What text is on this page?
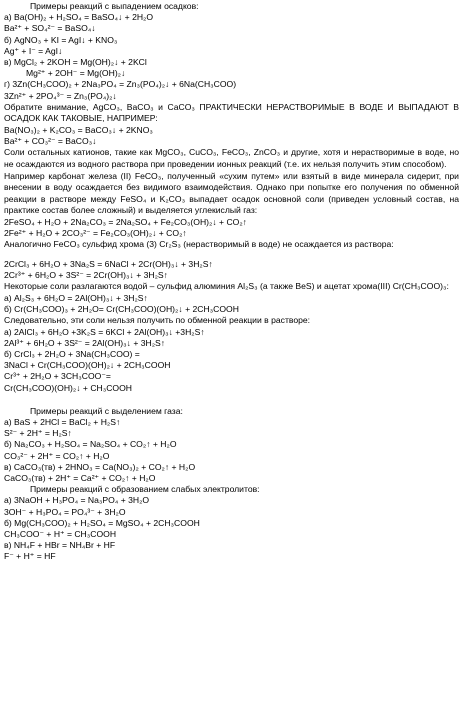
Примеры реакций с выпадением осадков:
а) Ba(OH)₂ + H₂SO₄ = BaSO₄↓ + 2H₂O
Ba²⁺ + SO₄²⁻ = BaSO₄↓
б) AgNO₃ + KI = AgI↓ + KNO₃
Ag⁺ + I⁻ = AgI↓
в) MgCl₂ + 2KOH = Mg(OH)₂↓ + 2KCl
Mg²⁺ + 2OH⁻ = Mg(OH)₂↓
г) 3Zn(CH₃COO)₂ + 2Na₃PO₄ = Zn₃(PO₄)₂↓ + 6Na(CH₃COO)
3Zn²⁺ + 2PO₄³⁻ = Zn₃(PO₄)₂↓
Обратите внимание, AgCO₃, BaCO₃ и CaCO₃ ПРАКТИЧЕСКИ НЕРАСТВОРИМЫЕ В ВОДЕ И ВЫПАДАЮТ В ОСАДОК КАК ТАКОВЫЕ, НАПРИМЕР:
Ba(NO₃)₂ + K₂CO₃ = BaCO₃↓ + 2KNO₃
Ba²⁺ + CO₃²⁻ = BaCO₃↓
Соли остальных катионов, такие как MgCO₃, CuCO₃, FeCO₃, ZnCO₃ и другие, хотя и нерастворимые в воде, но не осаждаются из водного раствора при проведении ионных реакций (т.е. их нельзя получить этим способом).
Например карбонат железа (II) FeCO₃, полученный «сухим путем» или взятый в виде минерала сидерит, при внесении в воду осаждается без видимого взаимодействия. Однако при попытке его получения по обменной реакции в растворе между FeSO₄ и K₂CO₃ выпадает осадок основной соли (приведен условный состав, на практике состав более сложный) и выделяется углекислый газ:
2FeSO₄ + H₂O + 2Na₂CO₃ = 2Na₂SO₄ + Fe₂CO₃(OH)₂↓ + CO₂↑
2Fe²⁺ + H₂O + 2CO₃²⁻ = Fe₂CO₃(OH)₂↓ + CO₂↑
Аналогично FeCO₃ сульфид хрома (3) Cr₂S₃ (нерастворимый в воде) не осаждается из раствора:
2CrCl₃ + 6H₂O + 3Na₂S = 6NaCl + 2Cr(OH)₃↓ + 3H₂S↑
2Cr³⁺ + 6H₂O + 3S²⁻ = 2Cr(OH)₃↓ + 3H₂S↑
Некоторые соли разлагаются водой – сульфид алюминия Al₂S₃ (а также BeS) и ацетат хрома(III) Cr(CH₃COO)₃:
а) Al₂S₃ + 6H₂O = 2Al(OH)₃↓ + 3H₂S↑
б) Cr(CH₃COO)₃ + 2H₂O= Cr(CH₃COO)(OH)₂↓ + 2CH₃COOH
Следовательно, эти соли нельзя получить по обменной реакции в растворе:
а) 2AlCl₃ + 6H₂O +3K₂S = 6KCl + 2Al(OH)₃↓ +3H₂S↑
2Al³⁺ + 6H₂O + 3S²⁻ = 2Al(OH)₃↓ + 3H₂S↑
б) CrCl₃ + 2H₂O + 3Na(CH₃COO) =
3NaCl + Cr(CH₃COO)(OH)₂↓ + 2CH₃COOH
Cr³⁺ + 2H₂O + 3CH₃COO⁻=
Cr(CH₃COO)(OH)₂↓ + CH₃COOH
Примеры реакций с выделением газа:
а) BaS + 2HCl = BaCl₂ + H₂S↑
S²⁻ + 2H⁺ = H₂S↑
б) Na₂CO₃ + H₂SO₄ = Na₂SO₄ + CO₂↑ + H₂O
CO₃²⁻ + 2H⁺ = CO₂↑ + H₂O
в) CaCO₃(тв) + 2HNO₃ = Ca(NO₃)₂ + CO₂↑ + H₂O
CaCO₃(тв) + 2H⁺ = Ca²⁺ + CO₂↑ + H₂O
Примеры реакций с образованием слабых электролитов:
а) 3NaOH + H₃PO₄ = Na₃PO₄ + 3H₂O
3OH⁻ + H₃PO₄ = PO₄³⁻ + 3H₂O
б) Mg(CH₃COO)₂ + H₂SO₄ = MgSO₄ + 2CH₃COOH
CH₃COO⁻ + H⁺ = CH₃COOH
в) NH₄F + HBr = NH₄Br + HF
F⁻ + H⁺ = HF
